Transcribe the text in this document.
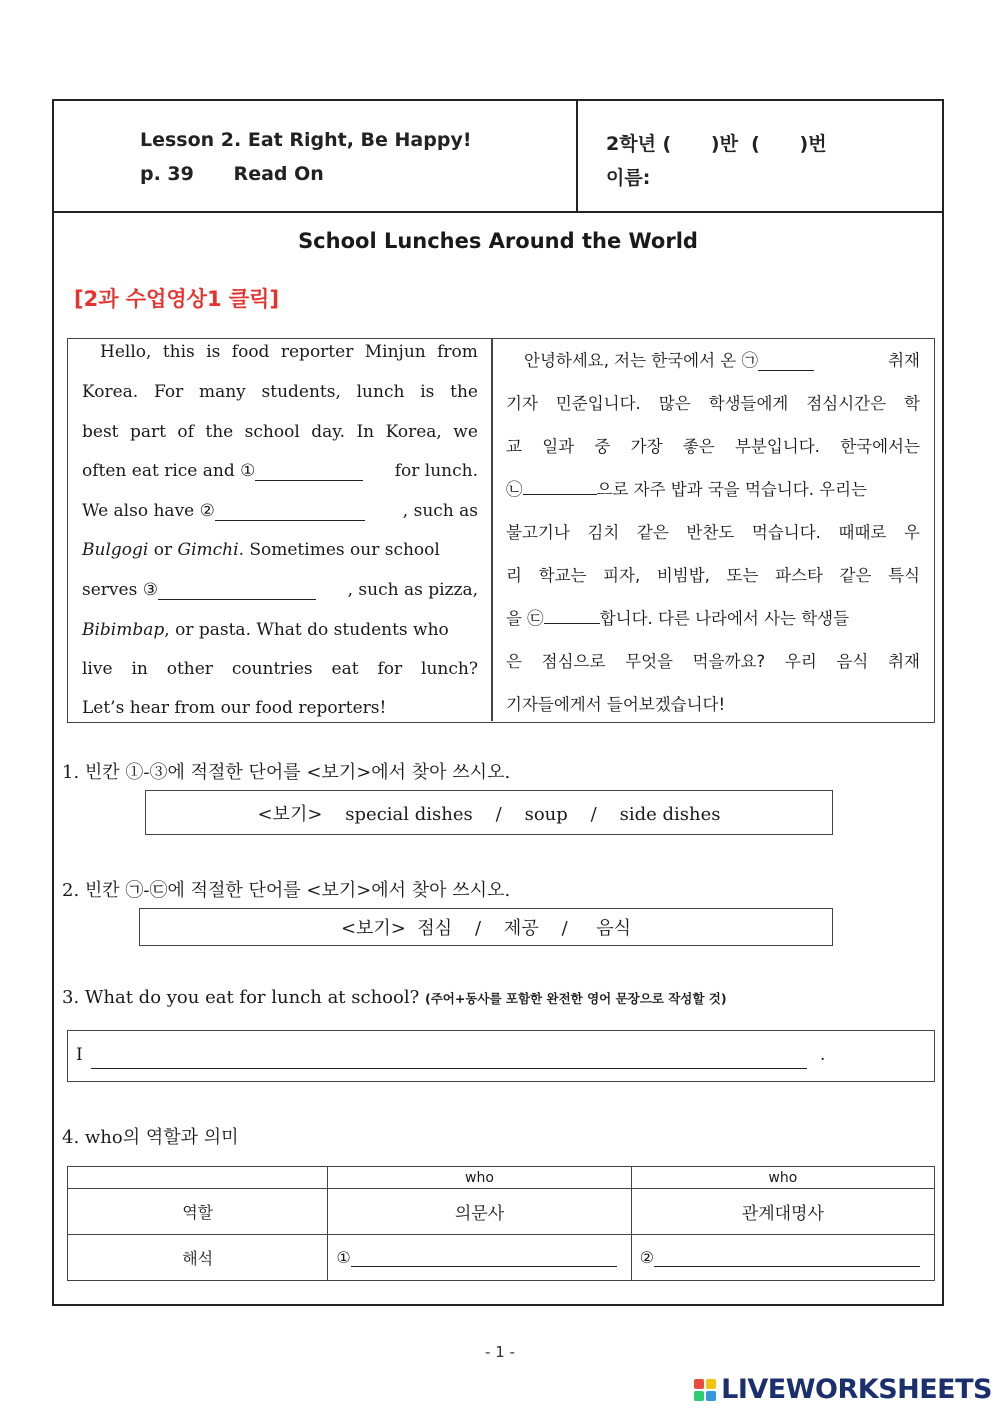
Lesson 2. Eat Right, Be Happy!
p. 39      Read On
2학년 (      )반  (      )번
이름:
School Lunches Around the World
[2과 수업영상1 클릭]
Hello, this is food reporter Minjun from
Korea. For many students, lunch is the
best part of the school day. In Korea, we
often eat rice and ①	for lunch.
We also have ②	, such as
Bulgogi or Gimchi. Sometimes our school
serves ③	, such as pizza,
Bibimbap, or pasta. What do students who
live in other countries eat for lunch?
Let’s hear from our food reporters!
안녕하세요, 저는 한국에서 온 ㉠	취재
기자 민준입니다. 많은 학생들에게 점심시간은 학
교 일과 중 가장 좋은 부분입니다. 한국에서는
㉡	으로 자주 밥과 국을 먹습니다. 우리는
불고기나 김치 같은 반찬도 먹습니다. 때때로 우
리 학교는 피자, 비빔밥, 또는 파스타 같은 특식
을 ㉢	합니다. 다른 나라에서 사는 학생들
은 점심으로 무엇을 먹을까요? 우리 음식 취재
기자들에게서 들어보겠습니다!
1. 빈칸 ①-③에 적절한 단어를 <보기>에서 찾아 쓰시오.
<보기>    special dishes    /    soup    /    side dishes
2. 빈칸 ㉠-㉢에 적절한 단어를 <보기>에서 찾아 쓰시오.
<보기>  점심    /    제공    /     음식
3. What do you eat for lunch at school? (주어+동사를 포함한 완전한 영어 문장으로 작성할 것)
I	.
4. who의 역할과 의미
	who	who
역할	의문사	관계대명사
해석	①	②
- 1 -
LIVEWORKSHEETS
